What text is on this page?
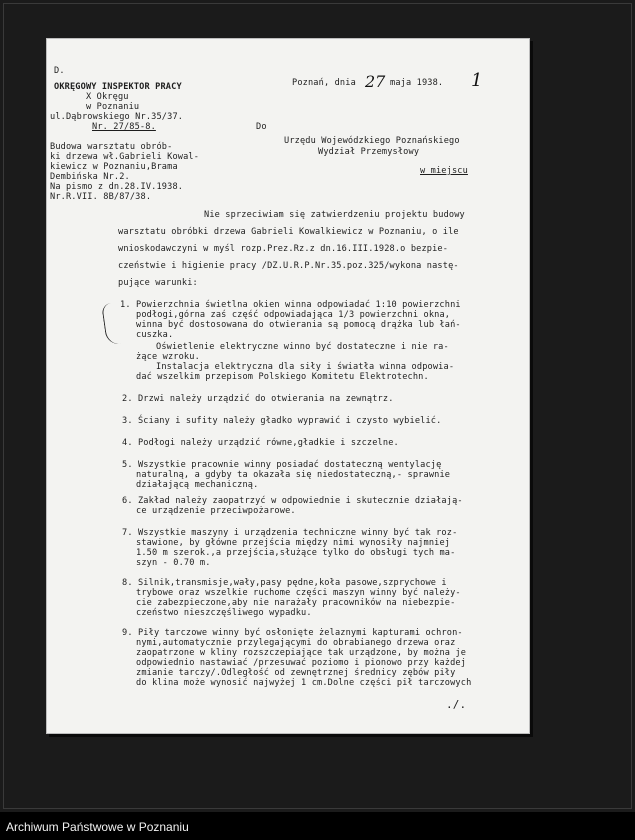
D.
OKRĘGOWY INSPEKTOR PRACY
X Okręgu
w Poznaniu
ul.Dąbrowskiego Nr.35/37.
Nr. 27/85-8.
Poznań, dnia 27 maja 1938. 1
Do
Budowa warsztatu obrób-
ki drzewa wł.Gabrieli Kowal-
kiewicz w Poznaniu,Brama
Dembińska Nr.2.
Na pismo z dn.28.IV.1938.
Nr.R.VII. 8B/87/38.
Urzędu Wojewódzkiego Poznańskiego
Wydział Przemysłowy
w miejscu
Nie sprzeciwiam się zatwierdzeniu projektu budowy
warsztatu obróbki drzewa Gabrieli Kowalkiewicz w Poznaniu, o ile
wnioskodawczyni w myśl rozp.Prez.Rz.z dn.16.III.1928.o bezpie-
czeństwie i higienie pracy /DZ.U.R.P.Nr.35.poz.325/wykona nastę-
pujące warunki:
1. Powierzchnia świetlna okien winna odpowiadać 1:10 powierzchni
podłogi,górna zaś część odpowiadająca 1/3 powierzchni okna,
winna być dostosowana do otwierania są pomocą drążka lub łań-
cuszka.
Oświetlenie elektryczne winno być dostateczne i nie ra-
żące wzroku.
Instalacja elektryczna dla siły i światła winna odpowia-
dać wszelkim przepisom Polskiego Komitetu Elektrotechn.
2. Drzwi należy urządzić do otwierania na zewnątrz.
3. Ściany i sufity należy gładko wyprawić i czysto wybielić.
4. Podłogi należy urządzić równe,gładkie i szczelne.
5. Wszystkie pracownie winny posiadać dostateczną wentylację
naturalną, a gdyby ta okazała się niedostateczną,- sprawnie
działającą mechaniczną.
6. Zakład należy zaopatrzyć w odpowiednie i skutecznie działają-
ce urządzenie przeciwpożarowe.
7. Wszystkie maszyny i urządzenia techniczne winny być tak roz-
stawione, by główne przejścia między nimi wynosiły najmniej
1.50 m szerok.,a przejścia,służące tylko do obsługi tych ma-
szyn - 0.70 m.
8. Silnik,transmisje,wały,pasy pędne,koła pasowe,szprychowe i
trybowe oraz wszelkie ruchome części maszyn winny być należy-
cie zabezpieczone,aby nie narażały pracowników na niebezpie-
czeństwo nieszczęśliwego wypadku.
9. Piły tarczowe winny być osłonięte żelaznymi kapturami ochron-
nymi,automatycznie przylegającymi do obrabianego drzewa oraz
zaopatrzone w kliny rozszczepiające tak urządzone, by można je
odpowiednio nastawiać /przesuwać poziomo i pionowo przy każdej
zmianie tarczy/.Odległość od zewnętrznej średnicy zębów piły
do klina może wynosić najwyżej 1 cm.Dolne części pił tarczowych
./.
Archiwum Państwowe w Poznaniu
